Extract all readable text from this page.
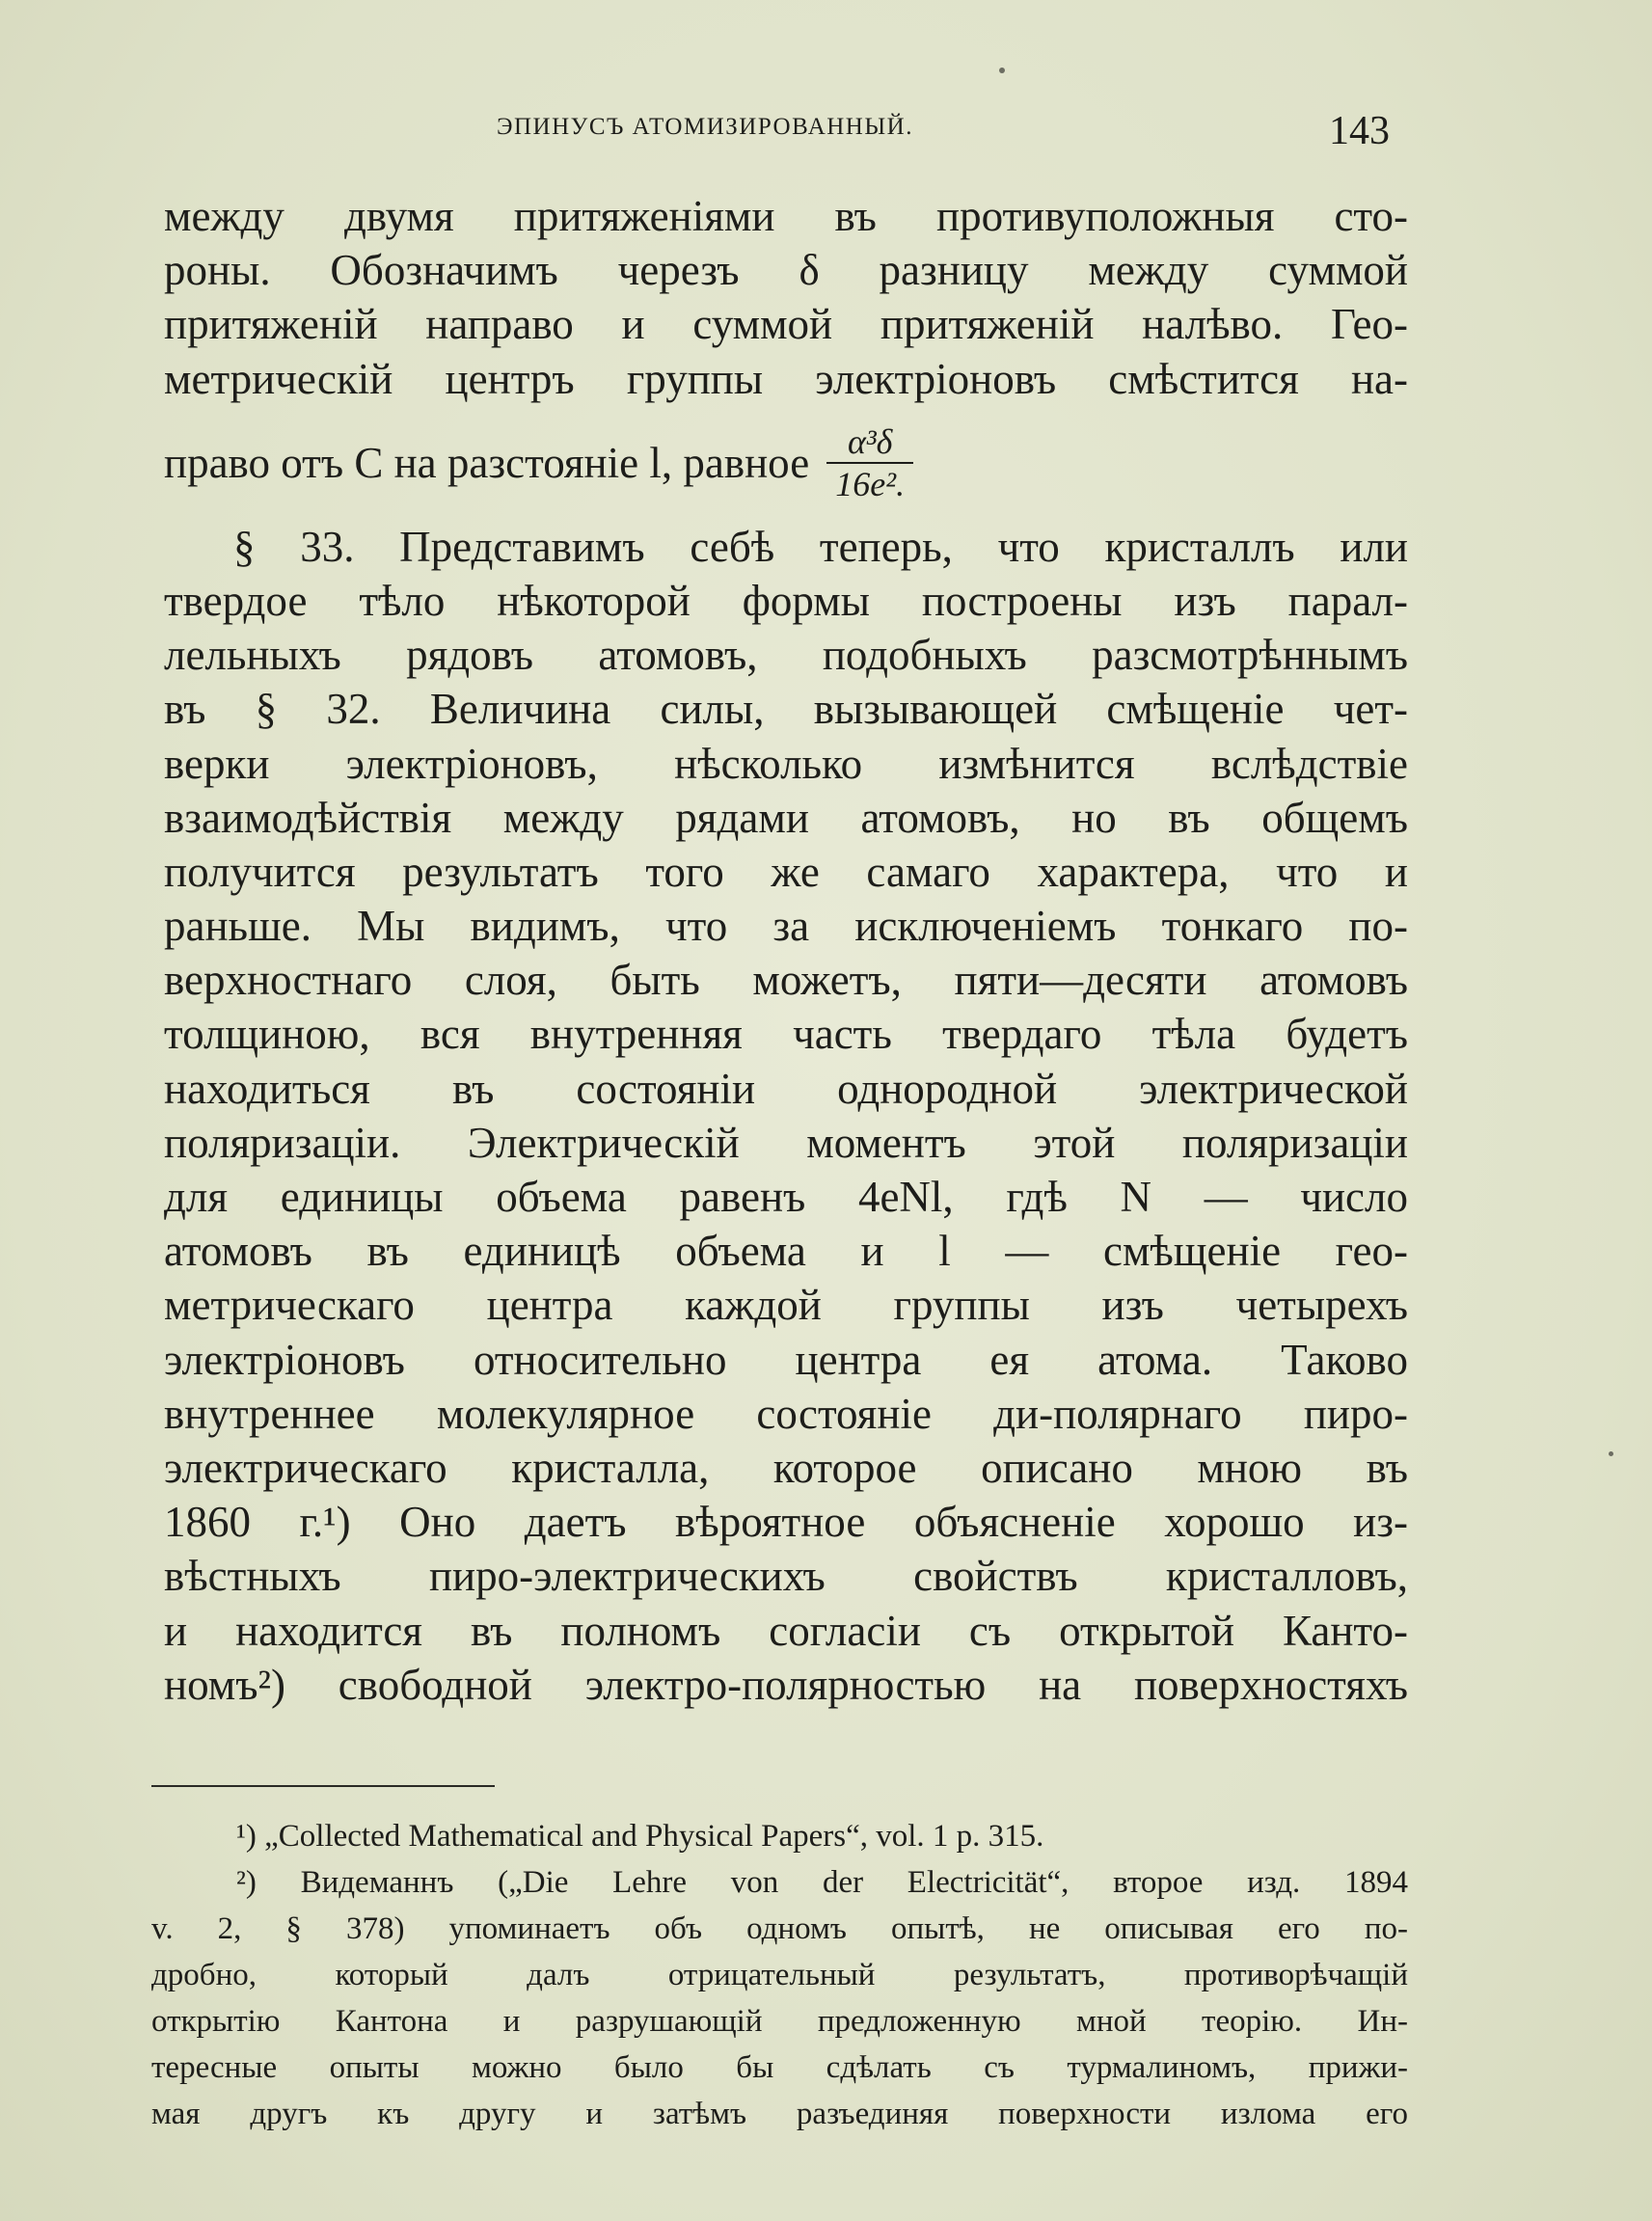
ЭПИНУСЪ АТОМИЗИРОВАННЫЙ.	143
между двумя притяженіями въ противуположныя сто-
роны. Обозначимъ черезъ δ разницу между суммой
притяженій направо и суммой притяженій налѣво. Гео-
метрическій центръ группы электріоновъ смѣстится на-
право отъ C на разстояніе l, равное $\frac{\text{α³δ}}{\text{16e².}}$
§ 33. Представимъ себѣ теперь, что кристаллъ или
твердое тѣло нѣкоторой формы построены изъ парал-
лельныхъ рядовъ атомовъ, подобныхъ разсмотрѣннымъ
въ § 32. Величина силы, вызывающей смѣщеніе чет-
верки электріоновъ, нѣсколько измѣнится вслѣдствіе
взаимодѣйствія между рядами атомовъ, но въ общемъ
получится результатъ того же самаго характера, что и
раньше. Мы видимъ, что за исключеніемъ тонкаго по-
верхностнаго слоя, быть можетъ, пяти—десяти атомовъ
толщиною, вся внутренняя часть твердаго тѣла будетъ
находиться въ состояніи однородной электрической
поляризаціи. Электрическій моментъ этой поляризаціи
для единицы объема равенъ 4eNl, гдѣ N — число
атомовъ въ единицѣ объема и l — смѣщеніе гео-
метрическаго центра каждой группы изъ четырехъ
электріоновъ относительно центра ея атома. Таково
внутреннее молекулярное состояніе ди-полярнаго пиро-
электрическаго кристалла, которое описано мною въ
1860 г.¹) Оно даетъ вѣроятное объясненіе хорошо из-
вѣстныхъ пиро-электрическихъ свойствъ кристалловъ,
и находится въ полномъ согласіи съ открытой Канто-
номъ²) свободной электро-полярностью на поверхностяхъ
¹) „Collected Mathematical and Physical Papers“, vol. 1 p. 315.
²) Видеманнъ („Die Lehre von der Electricität“, второе изд. 1894
v. 2, § 378) упоминаетъ объ одномъ опытѣ, не описывая его по-
дробно, который далъ отрицательный результатъ, противорѣчащій
открытію Кантона и разрушающій предложенную мной теорію. Ин-
тересные опыты можно было бы сдѣлать съ турмалиномъ, прижи-
мая другъ къ другу и затѣмъ разъединяя поверхности излома его
